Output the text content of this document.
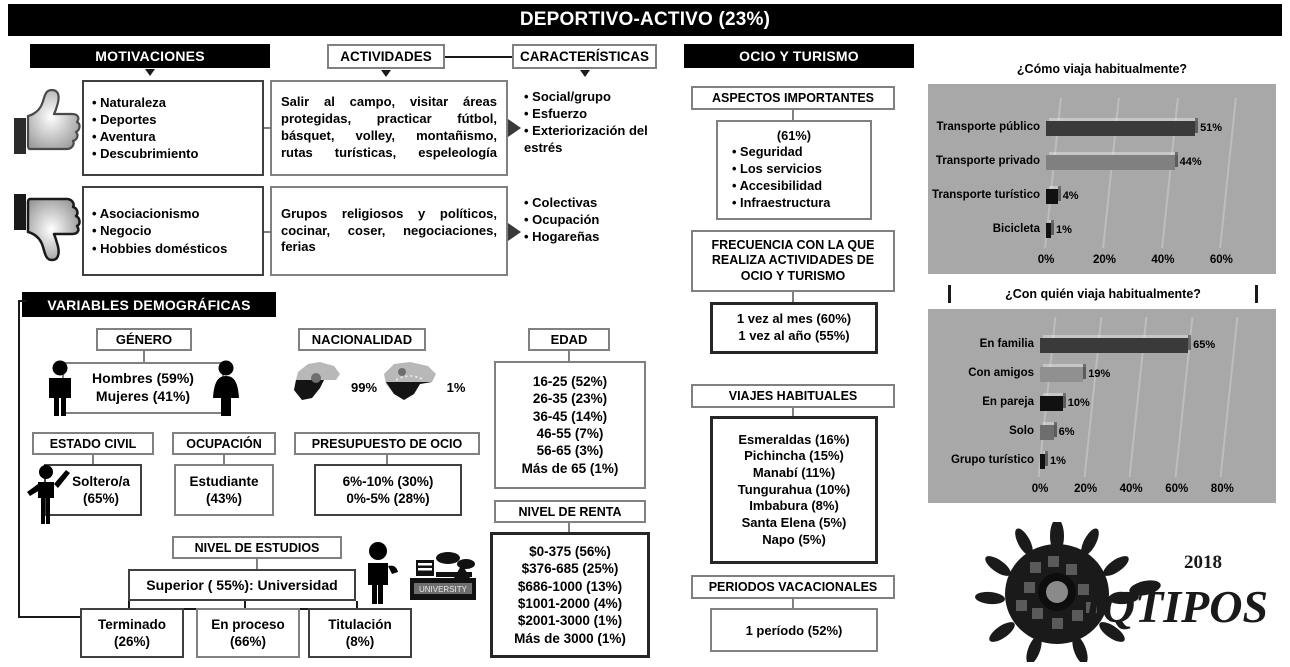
DEPORTIVO-ACTIVO (23%)
MOTIVACIONES	ACTIVIDADES	CARACTERÍSTICAS	OCIO Y TURISMO
• Naturaleza
• Deportes
• Aventura
• Descubrimiento
• Asociacionismo
• Negocio
• Hobbies domésticos
Salir al campo, visitar áreas protegidas, practicar fútbol, básquet, volley, montañismo, rutas turísticas, espeleología
Grupos religiosos y políticos, cocinar, coser, negociaciones, ferias
• Social/grupo
• Esfuerzo
• Exteriorización del estrés
• Colectivas
• Ocupación
• Hogareñas
ASPECTOS IMPORTANTES
(61%)
• Seguridad
• Los servicios
• Accesibilidad
• Infraestructura
FRECUENCIA CON LA QUE REALIZA ACTIVIDADES DE OCIO Y TURISMO
1 vez al mes (60%)
1 vez al año (55%)
VIAJES HABITUALES
Esmeraldas (16%)
Pichincha (15%)
Manabí (11%)
Tungurahua (10%)
Imbabura (8%)
Santa Elena (5%)
Napo (5%)
PERIODOS VACACIONALES
1 período (52%)
VARIABLES DEMOGRÁFICAS
GÉNERO
Hombres (59%)
Mujeres (41%)
NACIONALIDAD
99%	1%
EDAD
16-25 (52%)
26-35 (23%)
36-45 (14%)
46-55 (7%)
56-65 (3%)
Más de 65 (1%)
ESTADO CIVIL
Soltero/a
(65%)
OCUPACIÓN
Estudiante
(43%)
PRESUPUESTO DE OCIO
6%-10% (30%)
0%-5% (28%)
NIVEL DE RENTA
$0-375 (56%)
$376-685 (25%)
$686-1000 (13%)
$1001-2000 (4%)
$2001-3000 (1%)
Más de 3000 (1%)
NIVEL DE ESTUDIOS
Superior ( 55%): Universidad	UNIVERSITY
Terminado
(26%)
En proceso
(66%)
Titulación
(8%)
¿Cómo viaja habitualmente?
Transporte público	51%
Transporte privado	44%
Transporte turístico 4%
Bicicleta 1%
0%	20%	40%	60%
¿Con quién viaja habitualmente?
En familia	65%
Con amigos	19%
En pareja	10%
Solo 6%
Grupo turístico 1%
0%	20%	40%	60%	80%
IQTIPOS
2018
